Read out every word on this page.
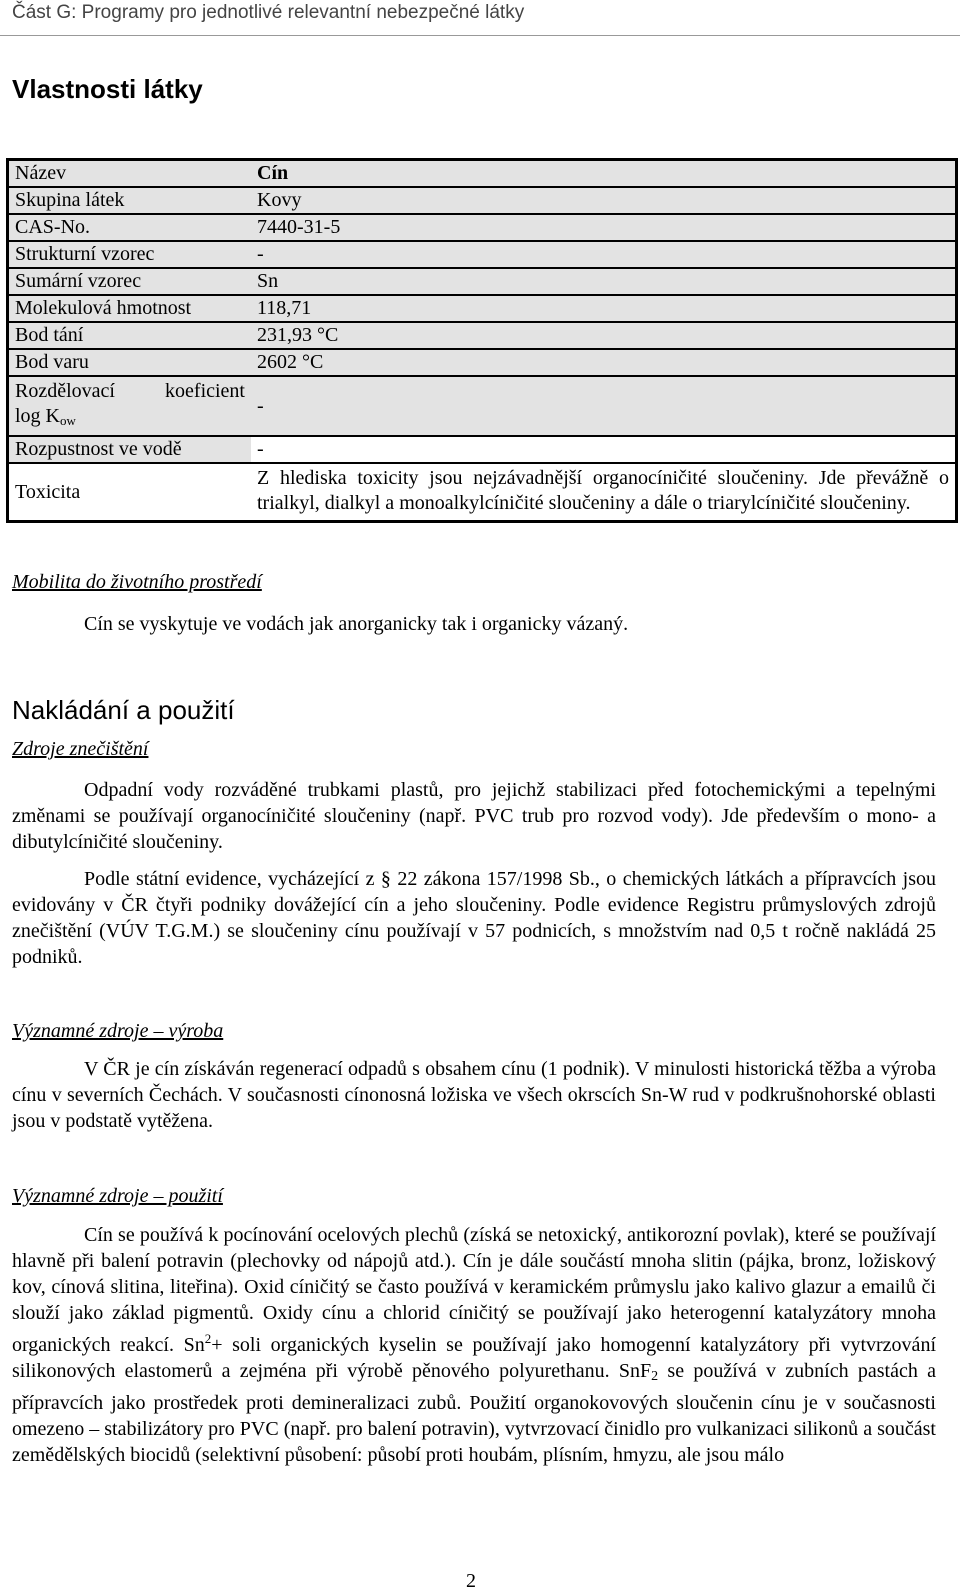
Část G: Programy pro jednotlivé relevantní nebezpečné látky
Vlastnosti látky
Název	Cín
Skupina látek	Kovy
CAS-No.	7440-31-5
Strukturní vzorec	-
Sumární vzorec	Sn
Molekulová hmotnost	118,71
Bod tání	231,93 °C
Bod varu	2602 °C

Rozdělovací koeficient
$\log K_{ow}$	-
Rozpustnost ve vodě	-
Toxicita	Z hlediska toxicity jsou nejzávadnější organocíničité sloučeniny. Jde převážně o trialkyl, dialkyl a monoalkylcíničité sloučeniny a dále o triarylcíničité sloučeniny.
Mobilita do životního prostředí
Cín se vyskytuje ve vodách jak anorganicky tak i organicky vázaný.
Nakládání a použití
Zdroje znečištění
Odpadní vody rozváděné trubkami plastů, pro jejichž stabilizaci před fotochemickými a tepelnými změnami se používají organocíničité sloučeniny (např. PVC trub pro rozvod vody). Jde především o mono- a dibutylcíničité sloučeniny.
Podle státní evidence, vycházející z § 22 zákona 157/1998 Sb., o chemických látkách a přípravcích jsou evidovány v ČR čtyři podniky dovážející cín a jeho sloučeniny. Podle evidence Registru průmyslových zdrojů znečištění (VÚV T.G.M.) se sloučeniny cínu používají v 57 podnicích, s množstvím nad 0,5 t ročně nakládá 25 podniků.
Významné zdroje – výroba
V ČR je cín získáván regenerací odpadů s obsahem cínu (1 podnik). V minulosti historická těžba a výroba cínu v severních Čechách. V současnosti cínonosná ložiska ve všech okrscích Sn-W rud v podkrušnohorské oblasti jsou v podstatě vytěžena.
Významné zdroje – použití
Cín se používá k pocínování ocelových plechů (získá se netoxický, antikorozní povlak), které se používají hlavně při balení potravin (plechovky od nápojů atd.). Cín je dále součástí mnoha slitin (pájka, bronz, ložiskový kov, cínová slitina, liteřina). Oxid cíničitý se často používá v keramickém průmyslu jako kalivo glazur a emailů či slouží jako základ pigmentů. Oxidy cínu a chlorid cíničitý se používají jako heterogenní katalyzátory mnoha organických reakcí. $Sn^2+$ soli organických kyselin se používají jako homogenní katalyzátory při vytvrzování silikonových elastomerů a zejména při výrobě pěnového polyurethanu. SnF$_2$ se používá v zubních pastách a přípravcích jako prostředek proti demineralizaci zubů. Použití organokovových sloučenin cínu je v současnosti omezeno – stabilizátory pro PVC (např. pro balení potravin), vytvrzovací činidlo pro vulkanizaci silikonů a součást zemědělských biocidů (selektivní působení: působí proti houbám, plísním, hmyzu, ale jsou málo
2
